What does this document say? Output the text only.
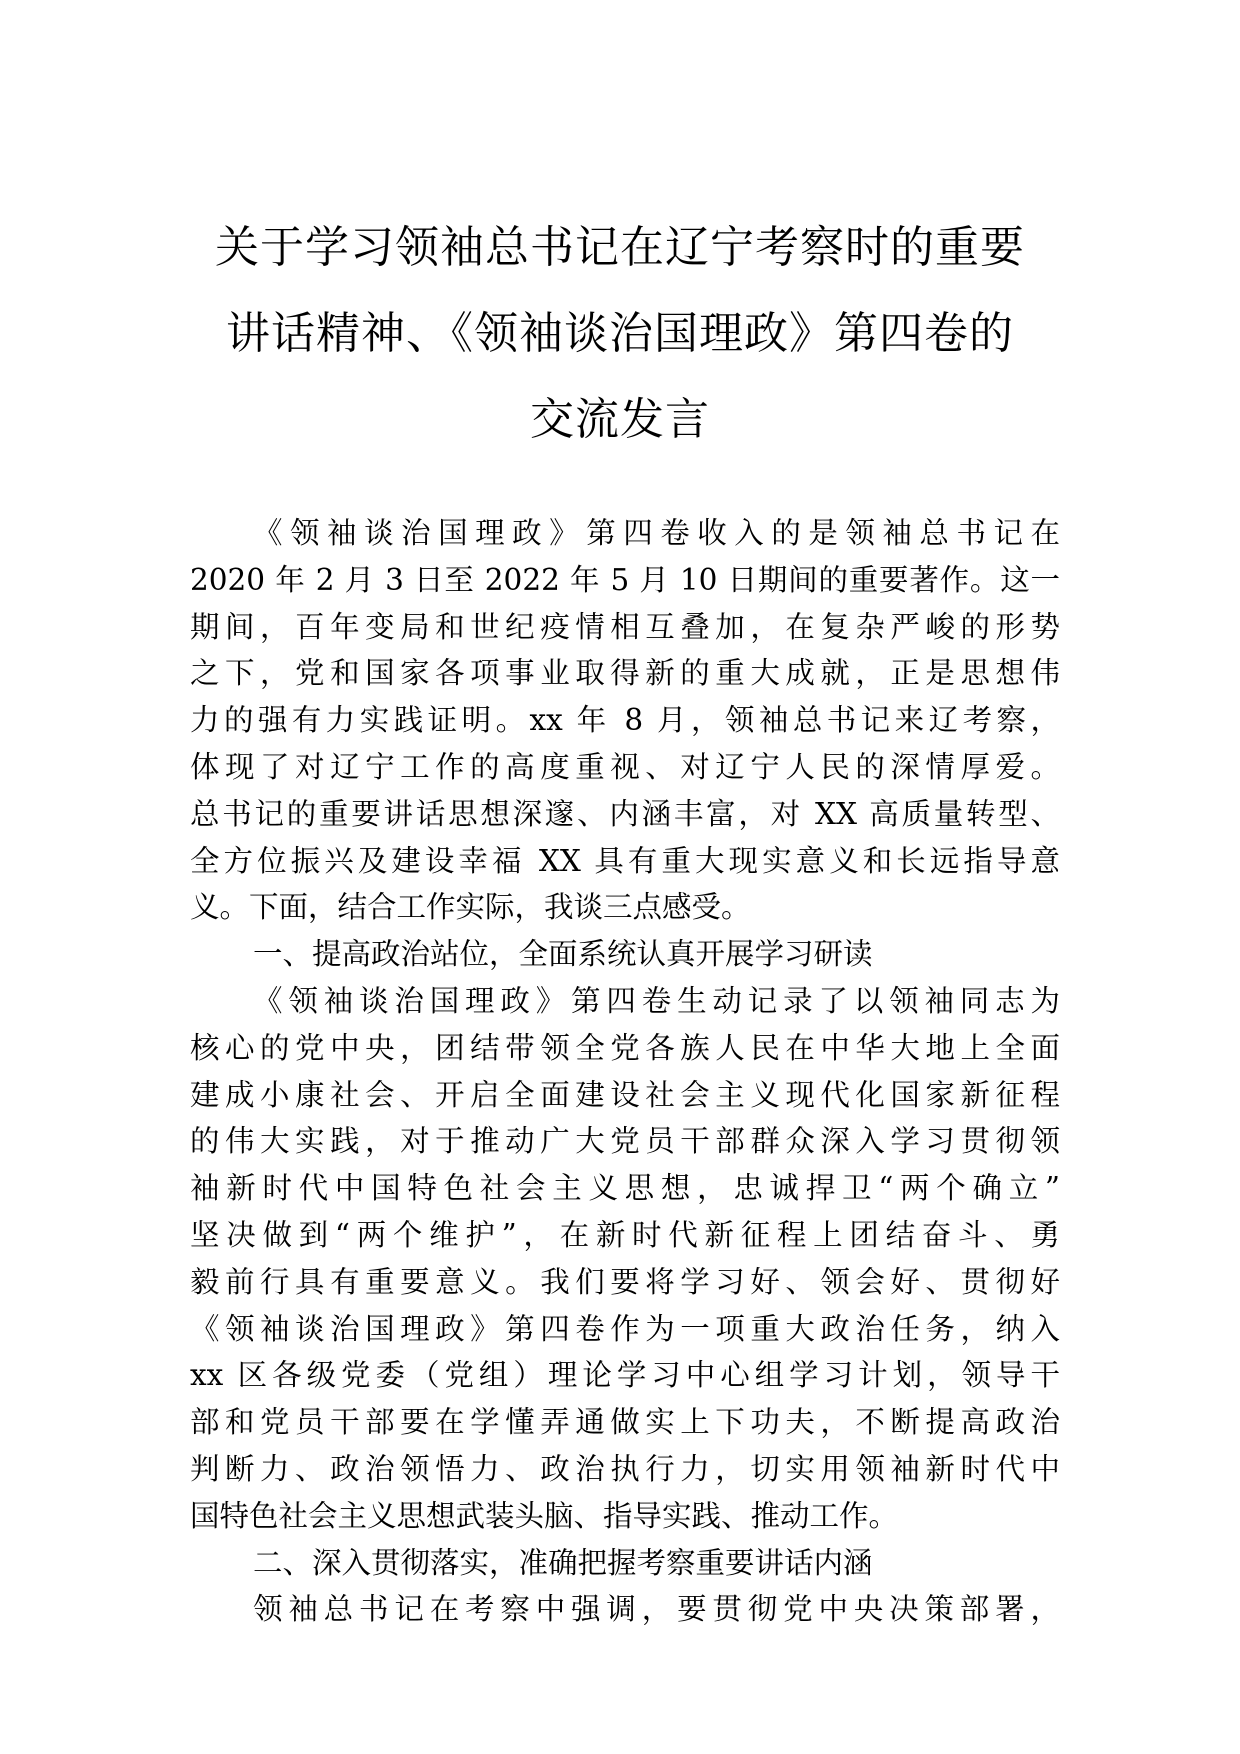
关于学习领袖总书记在辽宁考察时的重要
讲话精神、《领袖谈治国理政》第四卷的
交流发言
《领袖谈治国理政》第四卷收入的是领袖总书记在
2020 年 2 月 3 日至 2022 年 5 月 10 日期间的重要著作。这一
期间，百年变局和世纪疫情相互叠加，在复杂严峻的形势
之下，党和国家各项事业取得新的重大成就，正是思想伟
力的强有力实践证明。xx 年 8 月，领袖总书记来辽考察，
体现了对辽宁工作的高度重视、对辽宁人民的深情厚爱。
总书记的重要讲话思想深邃、内涵丰富，对 XX 高质量转型、
全方位振兴及建设幸福 XX 具有重大现实意义和长远指导意
义。下面，结合工作实际，我谈三点感受。
一、提高政治站位，全面系统认真开展学习研读
《领袖谈治国理政》第四卷生动记录了以领袖同志为
核心的党中央，团结带领全党各族人民在中华大地上全面
建成小康社会、开启全面建设社会主义现代化国家新征程
的伟大实践，对于推动广大党员干部群众深入学习贯彻领
袖新时代中国特色社会主义思想，忠诚捍卫“两个确立”
坚决做到“两个维护”，在新时代新征程上团结奋斗、勇
毅前行具有重要意义。我们要将学习好、领会好、贯彻好
《领袖谈治国理政》第四卷作为一项重大政治任务，纳入
xx 区各级党委（党组）理论学习中心组学习计划，领导干
部和党员干部要在学懂弄通做实上下功夫，不断提高政治
判断力、政治领悟力、政治执行力，切实用领袖新时代中
国特色社会主义思想武装头脑、指导实践、推动工作。
二、深入贯彻落实，准确把握考察重要讲话内涵
领袖总书记在考察中强调，要贯彻党中央决策部署，
